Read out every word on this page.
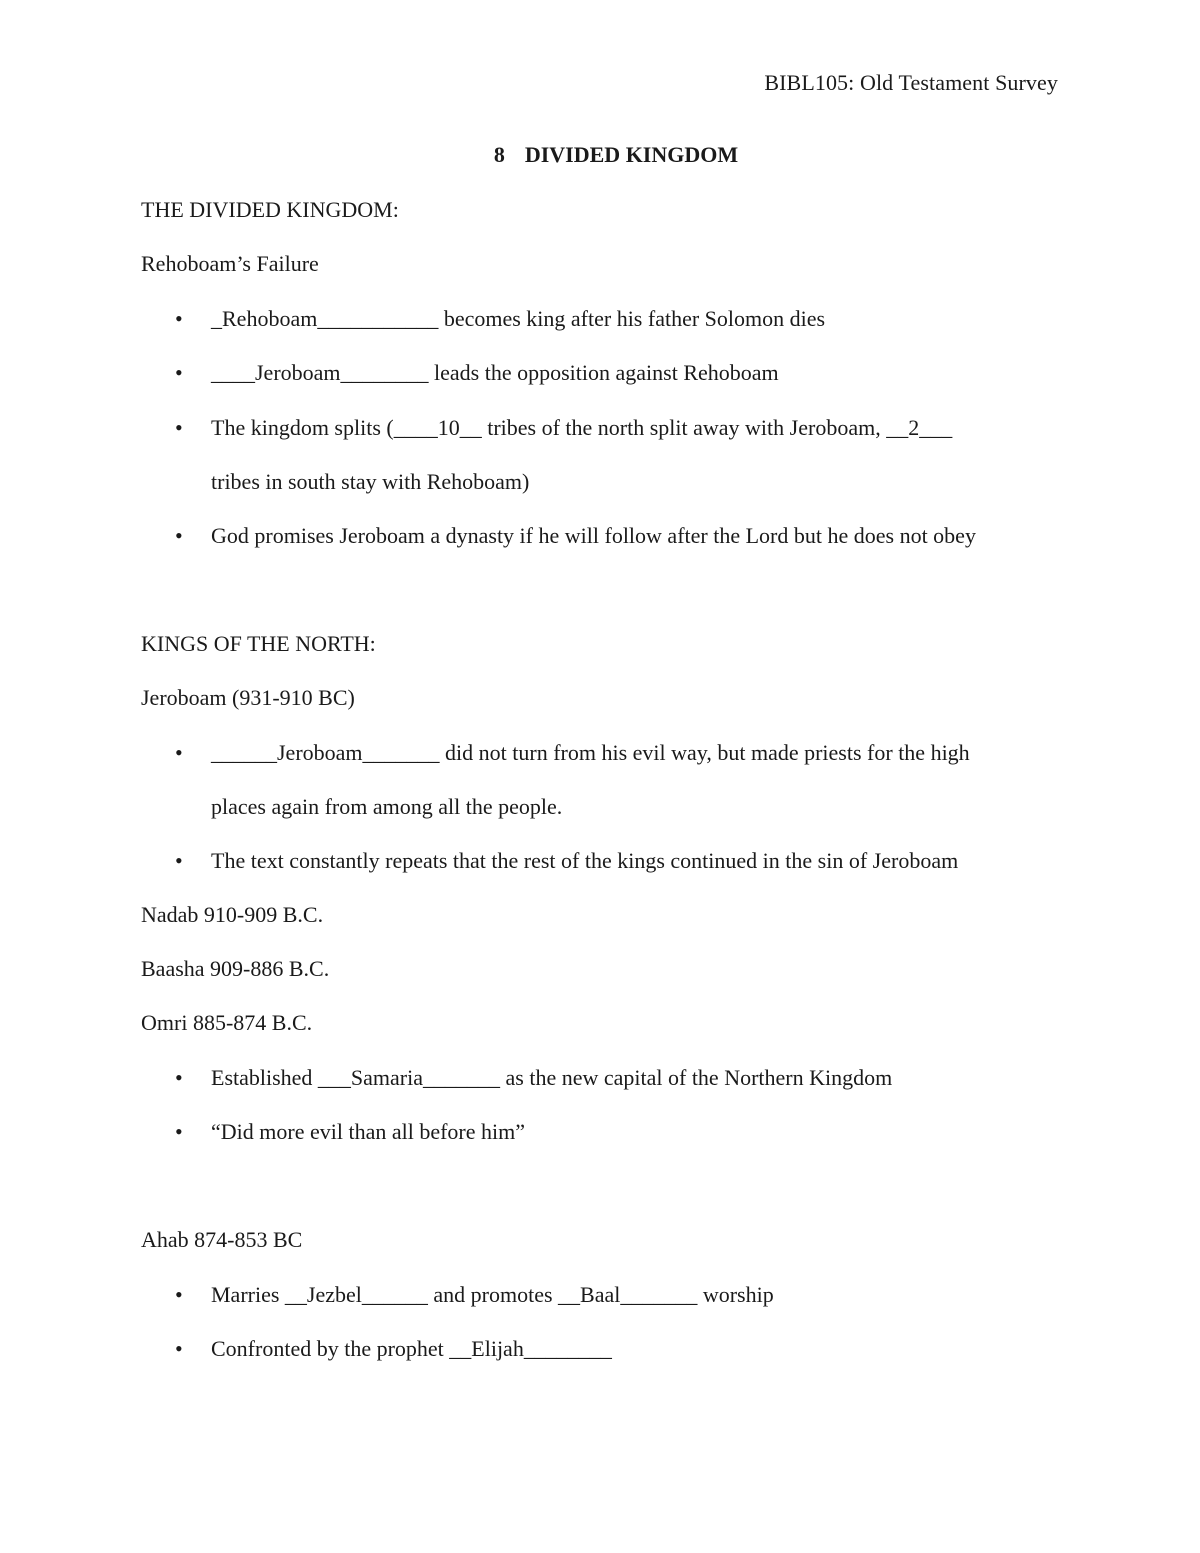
BIBL105: Old Testament Survey
8 DIVIDED KINGDOM
THE DIVIDED KINGDOM:
Rehoboam’s Failure
• _Rehoboam___________ becomes king after his father Solomon dies
• ____Jeroboam________ leads the opposition against Rehoboam
• The kingdom splits (____10__ tribes of the north split away with Jeroboam, __2___
tribes in south stay with Rehoboam)
• God promises Jeroboam a dynasty if he will follow after the Lord but he does not obey
KINGS OF THE NORTH:
Jeroboam (931-910 BC)
• ______Jeroboam_______ did not turn from his evil way, but made priests for the high
places again from among all the people.
• The text constantly repeats that the rest of the kings continued in the sin of Jeroboam
Nadab 910-909 B.C.
Baasha 909-886 B.C.
Omri 885-874 B.C.
• Established ___Samaria_______ as the new capital of the Northern Kingdom
• “Did more evil than all before him”
Ahab 874-853 BC
• Marries __Jezbel______ and promotes __Baal_______ worship
• Confronted by the prophet __Elijah________
